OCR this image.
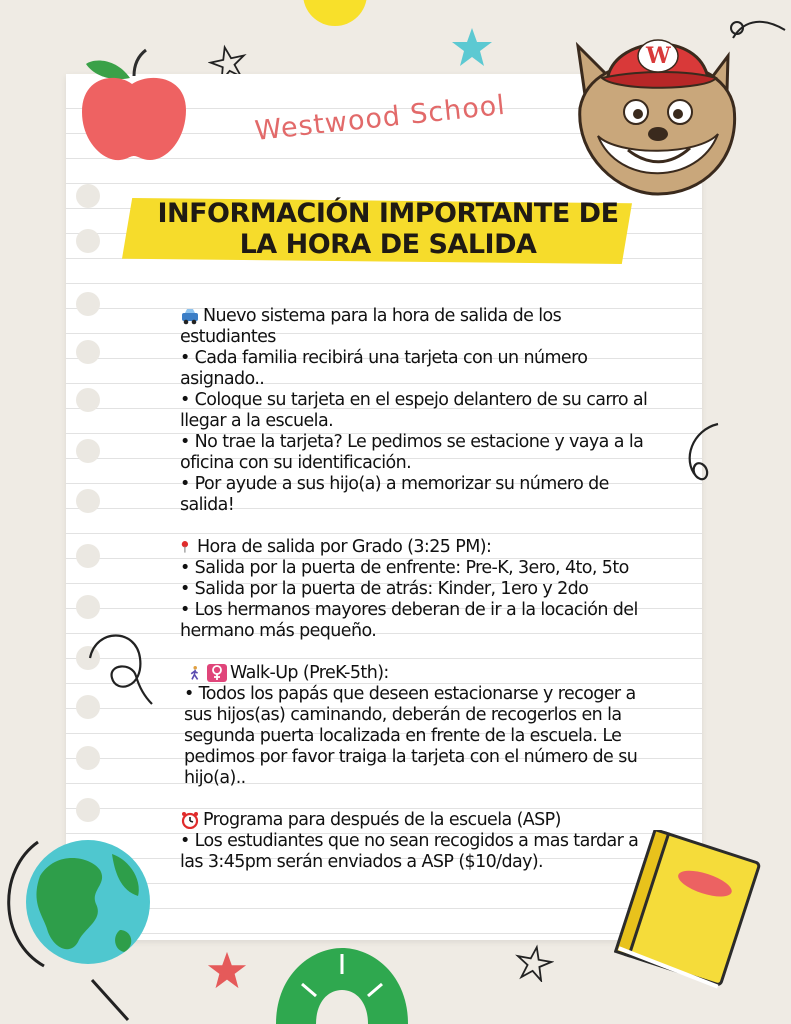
W
Westwood School
INFORMACIÓN IMPORTANTE DE
LA HORA DE SALIDA

Nuevo sistema para la hora de salida de los estudiantes

• Cada familia recibirá una tarjeta con un número asignado..

• Coloque su tarjeta en el espejo delantero de su carro al llegar a la escuela.

• No trae la tarjeta? Le pedimos se estacione y vaya a la oficina con su identificación.

• Por ayude a sus hijo(a) a memorizar su número de salida!

Hora de salida por Grado (3:25 PM):

• Salida por la puerta de enfrente: Pre-K, 3ero, 4to, 5to

• Salida por la puerta de atrás: Kinder, 1ero y 2do

• Los hermanos mayores deberan de ir a la locación del hermano más pequeño.

Walk-Up (PreK-5th):

• Todos los papás que deseen estacionarse y recoger a sus hijos(as) caminando, deberán de recogerlos en la segunda puerta localizada en frente de la escuela. Le pedimos por favor traiga la tarjeta con el número de su hijo(a)..

Programa para después de la escuela (ASP)

• Los estudiantes que no sean recogidos a mas tardar a las 3:45pm serán enviados a ASP ($10/day).
